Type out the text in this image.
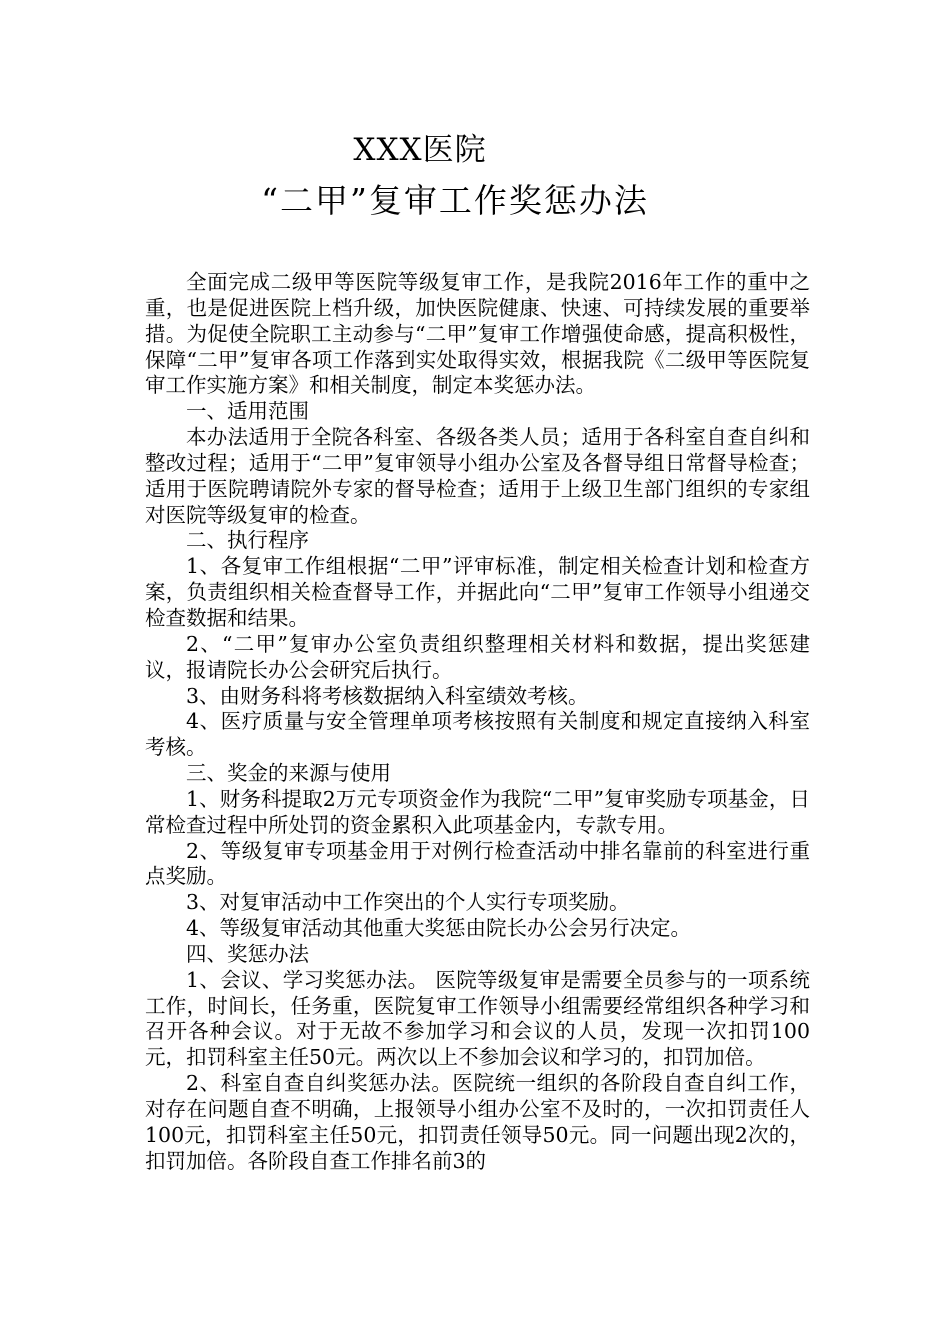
XXX医院
“二甲”复审工作奖惩办法

全面完成二级甲等医院等级复审工作，是我院2016年工作的重中之重，也是促进医院上档升级，加快医院健康、快速、可持续发展的重要举措。为促使全院职工主动参与“二甲”复审工作增强使命感，提高积极性，保障“二甲”复审各项工作落到实处取得实效，根据我院《二级甲等医院复审工作实施方案》和相关制度，制定本奖惩办法。

一、适用范围

本办法适用于全院各科室、各级各类人员；适用于各科室自查自纠和整改过程；适用于“二甲”复审领导小组办公室及各督导组日常督导检查；适用于医院聘请院外专家的督导检查；适用于上级卫生部门组织的专家组对医院等级复审的检查。

二、执行程序

1、各复审工作组根据“二甲”评审标准，制定相关检查计划和检查方案，负责组织相关检查督导工作，并据此向“二甲”复审工作领导小组递交检查数据和结果。

2、“二甲”复审办公室负责组织整理相关材料和数据，提出奖惩建议，报请院长办公会研究后执行。

3、由财务科将考核数据纳入科室绩效考核。

4、医疗质量与安全管理单项考核按照有关制度和规定直接纳入科室考核。

三、奖金的来源与使用

1、财务科提取2万元专项资金作为我院“二甲”复审奖励专项基金，日常检查过程中所处罚的资金累积入此项基金内，专款专用。

2、等级复审专项基金用于对例行检查活动中排名靠前的科室进行重点奖励。

3、对复审活动中工作突出的个人实行专项奖励。

4、等级复审活动其他重大奖惩由院长办公会另行决定。

四、奖惩办法

1、会议、学习奖惩办法。 医院等级复审是需要全员参与的一项系统工作，时间长，任务重，医院复审工作领导小组需要经常组织各种学习和召开各种会议。对于无故不参加学习和会议的人员，发现一次扣罚100元，扣罚科室主任50元。两次以上不参加会议和学习的，扣罚加倍。

2、科室自查自纠奖惩办法。医院统一组织的各阶段自查自纠工作，对存在问题自查不明确，上报领导小组办公室不及时的，一次扣罚责任人100元，扣罚科室主任50元，扣罚责任领导50元。同一问题出现2次的，扣罚加倍。各阶段自查工作排名前3的
